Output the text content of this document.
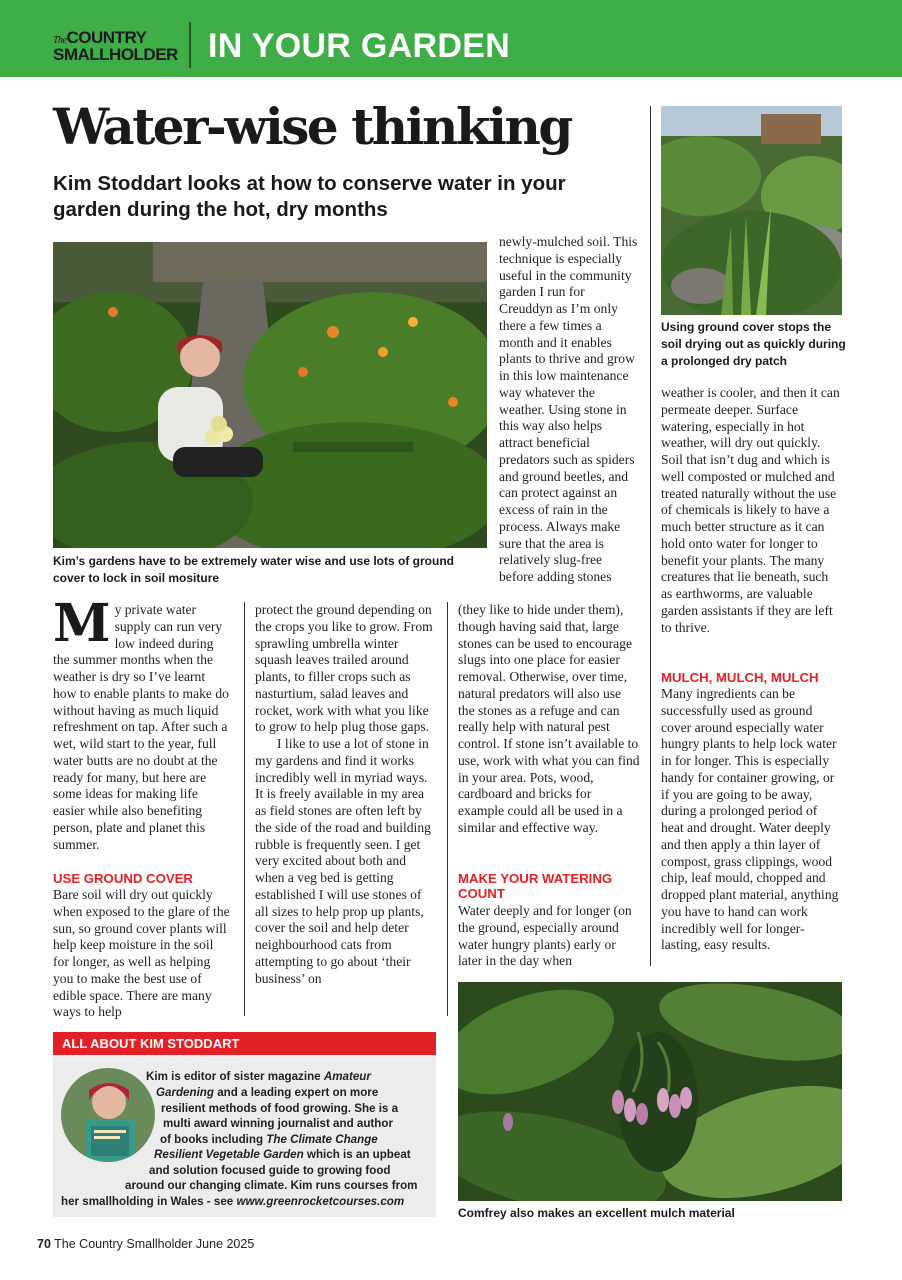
TheCOUNTRY
SMALLHOLDER IN YOUR GARDEN
Water-wise thinking
Kim Stoddart looks at how to conserve water in your garden during the hot, dry months
Kim’s gardens have to be extremely water wise and use lots of ground cover to lock in soil mositure
Using ground cover stops the soil drying out as quickly during a prolonged dry patch
M y private water
supply can run very
low indeed during
the summer months when the weather is dry so I’ve learnt how to enable plants to make do without having as much liquid refreshment on tap. After such a wet, wild start to the year, full water butts are no doubt at the ready for many, but here are some ideas for making life easier while also benefiting person, plate and planet this summer.
USE GROUND COVER
Bare soil will dry out quickly when exposed to the glare of the sun, so ground cover plants will help keep moisture in the soil for longer, as well as helping you to make the best use of edible space. There are many ways to help

protect the ground depending on the crops you like to grow. From sprawling umbrella winter squash leaves trailed around plants, to filler crops such as nasturtium, salad leaves and rocket, work with what you like to grow to help plug those gaps.

I like to use a lot of stone in my gardens and find it works incredibly well in myriad ways. It is freely available in my area as field stones are often left by the side of the road and building rubble is frequently seen. I get very excited about both and when a veg bed is getting established I will use stones of all sizes to help prop up plants, cover the soil and help deter neighbourhood cats from attempting to go about ‘their business’ on

newly-mulched soil. This technique is especially useful in the community garden I run for Creuddyn as I’m only there a few times a month and it enables plants to thrive and grow in this low maintenance way whatever the weather. Using stone in this way also helps attract beneficial predators such as spiders and ground beetles, and can protect against an excess of rain in the process. Always make sure that the area is relatively slug-free before adding stones
(they like to hide under them), though having said that, large stones can be used to encourage slugs into one place for easier removal. Otherwise, over time, natural predators will also use the stones as a refuge and can really help with natural pest control. If stone isn’t available to use, work with what you can find in your area. Pots, wood, cardboard and bricks for example could all be used in a similar and effective way.
MAKE YOUR WATERING COUNT
Water deeply and for longer (on the ground, especially around water hungry plants) early or later in the day when
weather is cooler, and then it can permeate deeper. Surface watering, especially in hot weather, will dry out quickly. Soil that isn’t dug and which is well composted or mulched and treated naturally without the use of chemicals is likely to have a much better structure as it can hold onto water for longer to benefit your plants. The many creatures that lie beneath, such as earthworms, are valuable garden assistants if they are left to thrive.
MULCH, MULCH, MULCH
Many ingredients can be successfully used as ground cover around especially water hungry plants to help lock water in for longer. This is especially handy for container growing, or if you are going to be away, during a prolonged period of heat and drought. Water deeply and then apply a thin layer of compost, grass clippings, wood chip, leaf mould, chopped and dropped plant material, anything you have to hand can work incredibly well for longer-lasting, easy results.
Comfrey also makes an excellent mulch material
ALL ABOUT KIM STODDART
Kim is editor of sister magazine Amateur
Gardening and a leading expert on more
resilient methods of food growing. She is a
multi award winning journalist and author
of books including The Climate Change
Resilient Vegetable Garden which is an upbeat
and solution focused guide to growing food
around our changing climate. Kim runs courses from
her smallholding in Wales - see www.greenrocketcourses.com
70 The Country Smallholder June 2025
